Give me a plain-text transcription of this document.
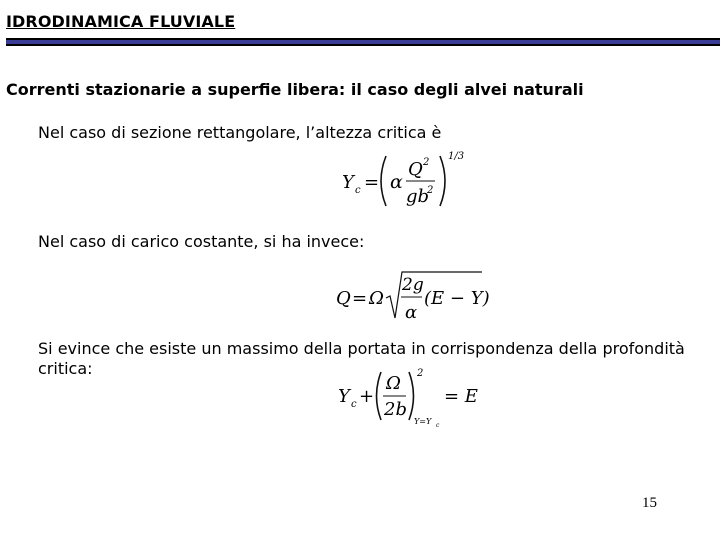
IDRODINAMICA FLUVIALE
Correnti stazionarie a superfie libera: il caso degli alvei naturali
Nel caso di sezione rettangolare, l’altezza critica è
Y c = α
Q 2
gb
2
1/3
Nel caso di carico costante, si ha invece:
Q = Ω
2g
α
(E − Y)
Si evince che esiste un massimo della portata in corrispondenza della profondità critica:
Y c +
Ω
2b
2
Y=Y c
= E
15
